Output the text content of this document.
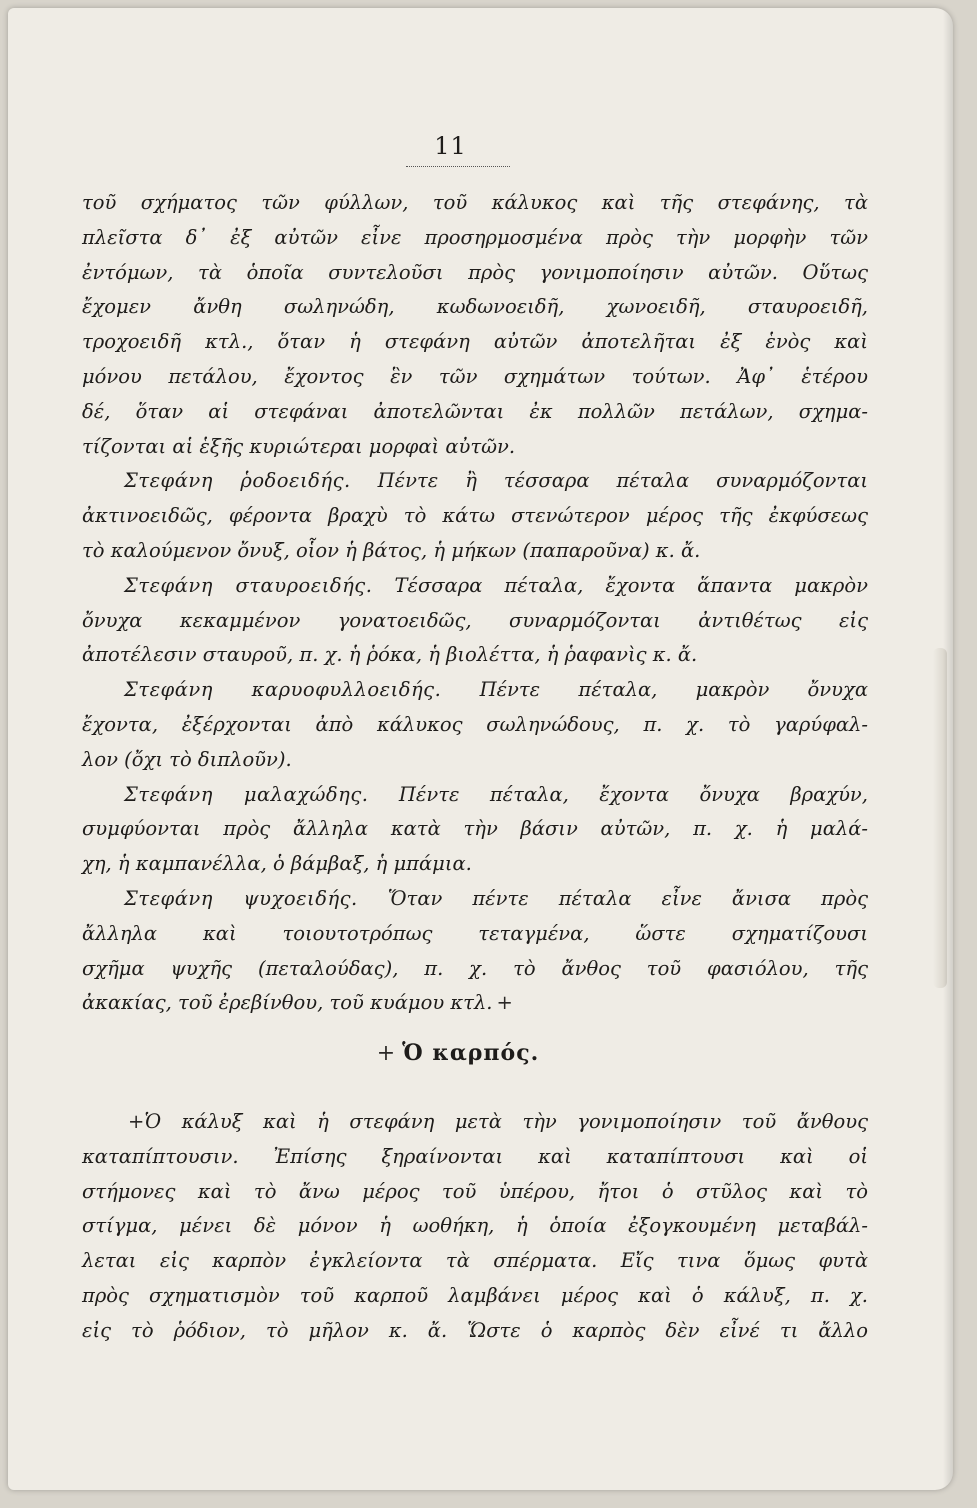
11
τοῦ σχήματος τῶν φύλλων, τοῦ κάλυκος καὶ τῆς στεφάνης, τὰ
πλεῖστα δ᾽ ἐξ αὐτῶν εἶνε προσηρμοσμένα πρὸς τὴν μορφὴν τῶν
ἐντόμων, τὰ ὁποῖα συντελοῦσι πρὸς γονιμοποίησιν αὐτῶν. Οὕτως
ἔχομεν ἄνθη σωληνώδη, κωδωνοειδῆ, χωνοειδῆ, σταυροειδῆ,
τροχοειδῆ κτλ., ὅταν ἡ στεφάνη αὐτῶν ἀποτελῆται ἐξ ἑνὸς καὶ
μόνου πετάλου, ἔχοντος ἓν τῶν σχημάτων τούτων. Ἀφ᾽ ἑτέρου
δέ, ὅταν αἱ στεφάναι ἀποτελῶνται ἐκ πολλῶν πετάλων, σχημα-
τίζονται αἱ ἑξῆς κυριώτεραι μορφαὶ αὐτῶν.
Στεφάνη ῥοδοειδής. Πέντε ἢ τέσσαρα πέταλα συναρμόζονται
ἀκτινοειδῶς, φέροντα βραχὺ τὸ κάτω στενώτερον μέρος τῆς ἐκφύσεως
τὸ καλούμενον ὄνυξ, οἷον ἡ βάτος, ἡ μήκων (παπαροῦνα) κ. ἄ.
Στεφάνη σταυροειδής. Τέσσαρα πέταλα, ἔχοντα ἅπαντα μακρὸν
ὄνυχα κεκαμμένον γονατοειδῶς, συναρμόζονται ἀντιθέτως εἰς
ἀποτέλεσιν σταυροῦ, π. χ. ἡ ῥόκα, ἡ βιολέττα, ἡ ῥαφανὶς κ. ἄ.
Στεφάνη καρυοφυλλοειδής. Πέντε πέταλα, μακρὸν ὄνυχα
ἔχοντα, ἐξέρχονται ἀπὸ κάλυκος σωληνώδους, π. χ. τὸ γαρύφαλ-
λον (ὄχι τὸ διπλοῦν).
Στεφάνη μαλαχώδης. Πέντε πέταλα, ἔχοντα ὄνυχα βραχύν,
συμφύονται πρὸς ἄλληλα κατὰ τὴν βάσιν αὐτῶν, π. χ. ἡ μαλά-
χη, ἡ καμπανέλλα, ὁ βάμβαξ, ἡ μπάμια.
Στεφάνη ψυχοειδής. Ὅταν πέντε πέταλα εἶνε ἄνισα πρὸς
ἄλληλα καὶ τοιουτοτρόπως τεταγμένα, ὥστε σχηματίζουσι
σχῆμα ψυχῆς (πεταλούδας), π. χ. τὸ ἄνθος τοῦ φασιόλου, τῆς
ἀκακίας, τοῦ ἐρεβίνθου, τοῦ κυάμου κτλ. +
+ Ὁ καρπός.
+Ὁ κάλυξ καὶ ἡ στεφάνη μετὰ τὴν γονιμοποίησιν τοῦ ἄνθους
καταπίπτουσιν. Ἐπίσης ξηραίνονται καὶ καταπίπτουσι καὶ οἱ
στήμονες καὶ τὸ ἄνω μέρος τοῦ ὑπέρου, ἤτοι ὁ στῦλος καὶ τὸ
στίγμα, μένει δὲ μόνον ἡ ωοθήκη, ἡ ὁποία ἐξογκουμένη μεταβάλ-
λεται εἰς καρπὸν ἐγκλείοντα τὰ σπέρματα. Εἴς τινα ὅμως φυτὰ
πρὸς σχηματισμὸν τοῦ καρποῦ λαμβάνει μέρος καὶ ὁ κάλυξ, π. χ.
εἰς τὸ ῥόδιον, τὸ μῆλον κ. ἄ. Ὥστε ὁ καρπὸς δὲν εἶνέ τι ἄλλο
